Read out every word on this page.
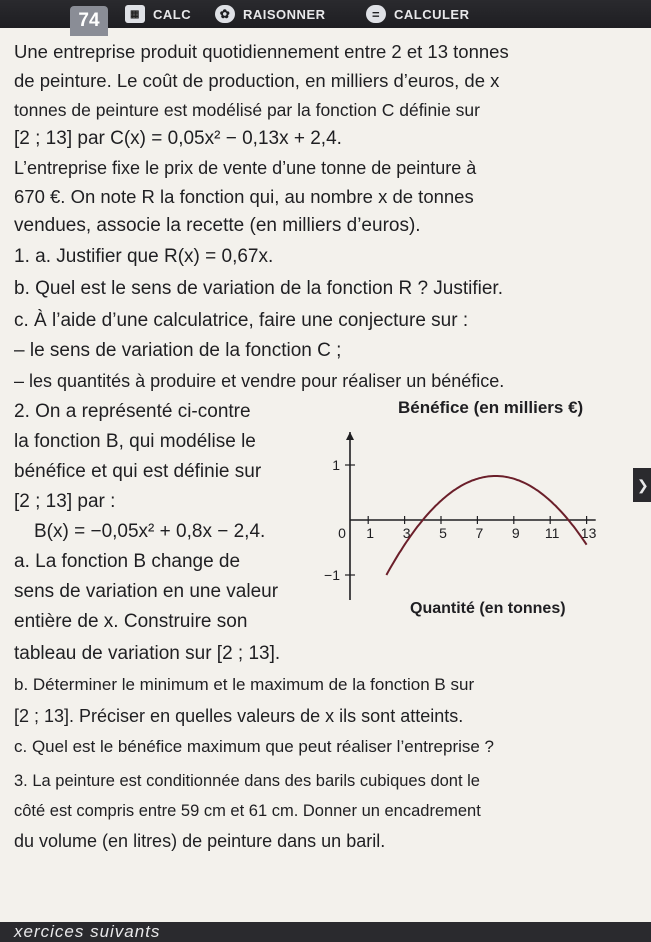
74	▦	CALC	✿ RAISONNER	=	CALCULER
Une entreprise produit quotidiennement entre 2 et 13 tonnes
de peinture. Le coût de production, en milliers d’euros, de x
tonnes de peinture est modélisé par la fonction C définie sur
[2 ; 13] par C(x) = 0,05x² − 0,13x + 2,4.
L’entreprise fixe le prix de vente d’une tonne de peinture à
670 €. On note R la fonction qui, au nombre x de tonnes
vendues, associe la recette (en milliers d’euros).
1. a. Justifier que R(x) = 0,67x.
b. Quel est le sens de variation de la fonction R ? Justifier.
c. À l’aide d’une calculatrice, faire une conjecture sur :
– le sens de variation de la fonction C ;
– les quantités à produire et vendre pour réaliser un bénéfice.
2. On a représenté ci-contre
la fonction B, qui modélise le
bénéfice et qui est définie sur
[2 ; 13] par :
B(x) = −0,05x² + 0,8x − 2,4.
a. La fonction B change de
sens de variation en une valeur
entière de x. Construire son
tableau de variation sur [2 ; 13].
b. Déterminer le minimum et le maximum de la fonction B sur
[2 ; 13]. Préciser en quelles valeurs de x ils sont atteints.
c. Quel est le bénéfice maximum que peut réaliser l’entreprise ?
3. La peinture est conditionnée dans des barils cubiques dont le
côté est compris entre 59 cm et 61 cm. Donner un encadrement
du volume (en litres) de peinture dans un baril.
Bénéfice (en milliers €)
0 1 3 5 7 9 11 13
1
−1
Quantité (en tonnes)
❯
xercices suivants
